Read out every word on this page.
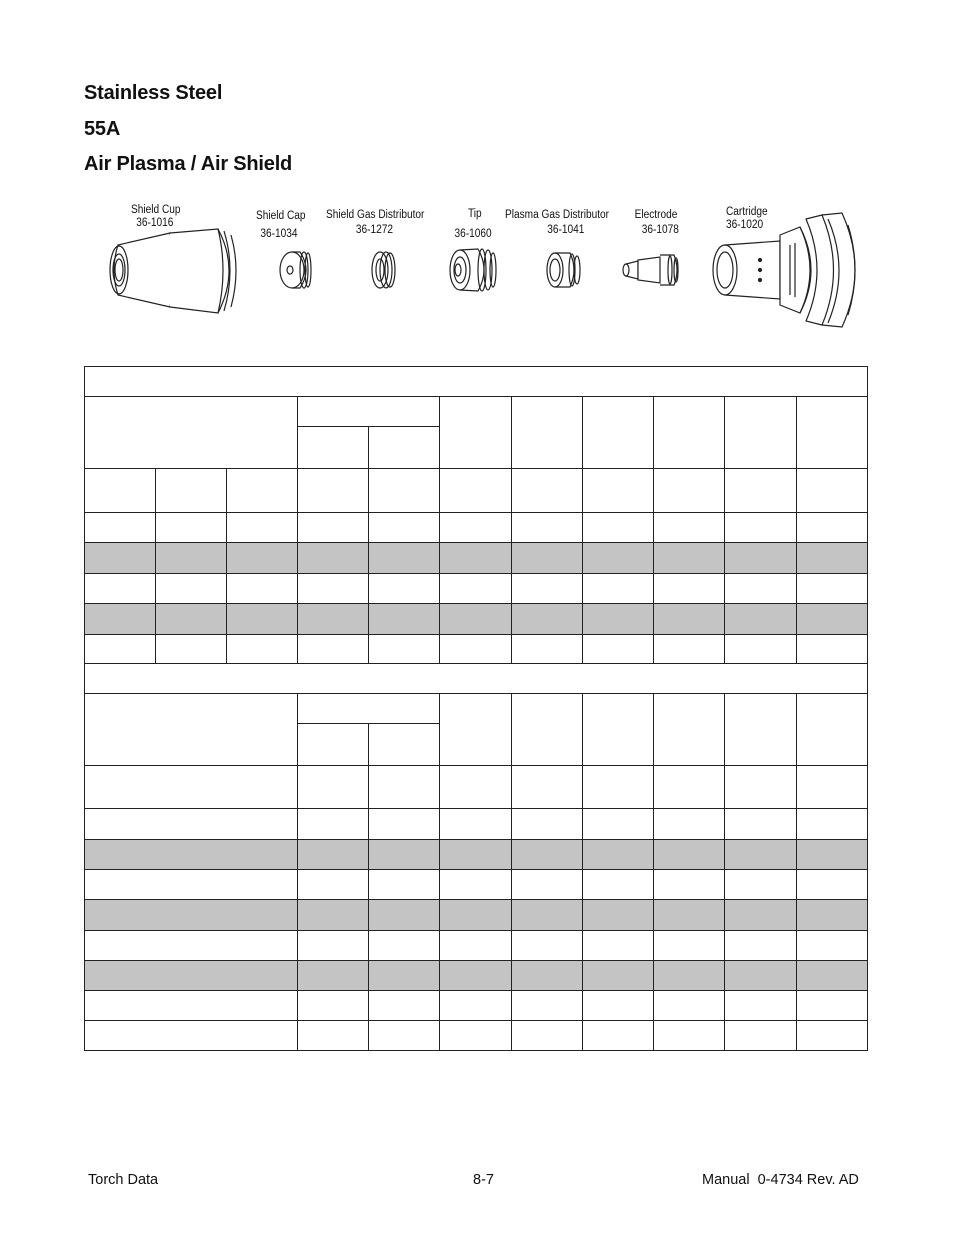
Stainless Steel
55A
Air Plasma / Air Shield
Shield Cup
36-1016
Shield Cap
36-1034
Shield Gas Distributor
36-1272
Tip
36-1060
Plasma Gas Distributor
36-1041
Electrode
36-1078
Cartridge
36-1020

Torch Data	8-7	Manual  0-4734 Rev. AD
